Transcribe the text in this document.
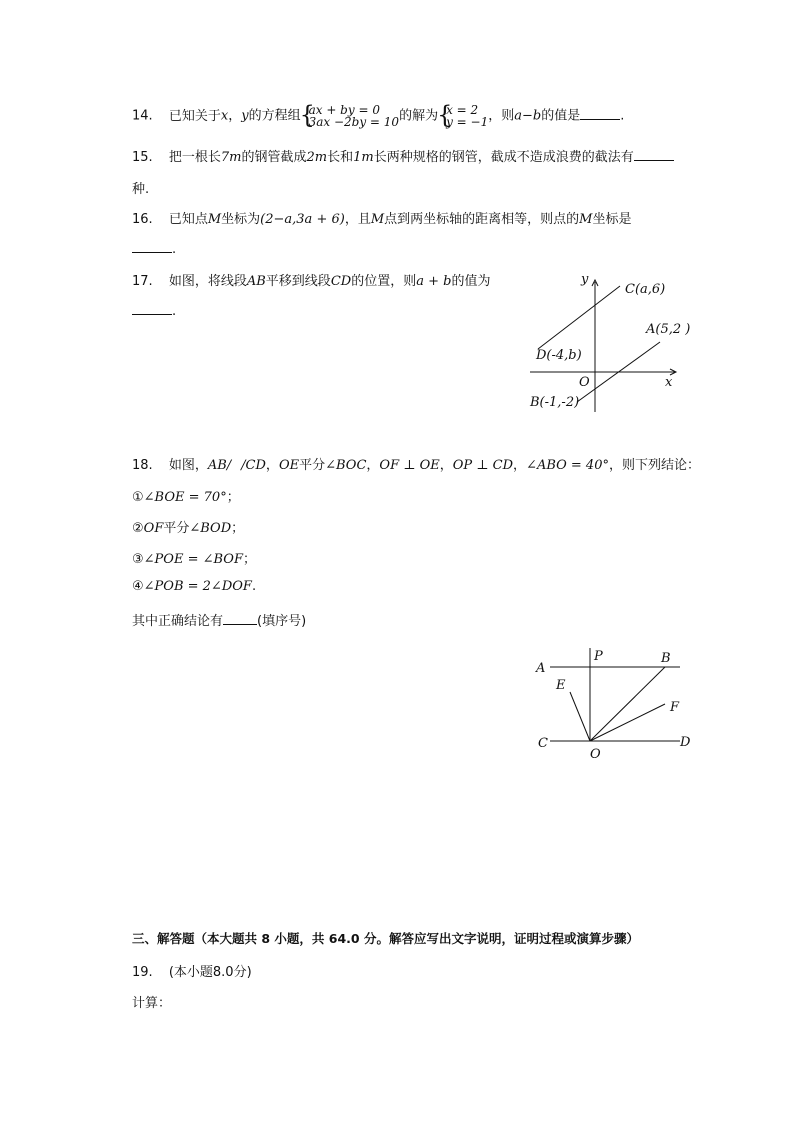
14. 已知关于x，y的方程组 {
ax + by = 0
3ax −2by = 10 的解为 {
x = 2
y = −1 ，则a−b的值是	.
15. 把一根长7m的钢管截成2m长和1m长两种规格的钢管，截成不造成浪费的截法有
种.
16. 已知点M坐标为(2−a,3a + 6)，且M点到两坐标轴的距离相等，则点的M坐标是
.
17. 如图，将线段AB平移到线段CD的位置，则a + b的值为
.
y
x
O
C(a,6)
A(5,2 )
D(-4,b)
B(-1,-2)
18. 如图，AB/ /CD，OE平分∠BOC，OF ⊥ OE，OP ⊥ CD，∠ABO = 40°，则下列结论：
①∠BOE = 70°；
②OF平分∠BOD；
③∠POE = ∠BOF；
④∠POB = 2∠DOF.
其中正确结论有	(填序号)
A
P	B
E
F
C
O
D
三、解答题（本大题共 8 小题，共 64.0 分。解答应写出文字说明，证明过程或演算步骤）
19. (本小题8.0分)
计算：
